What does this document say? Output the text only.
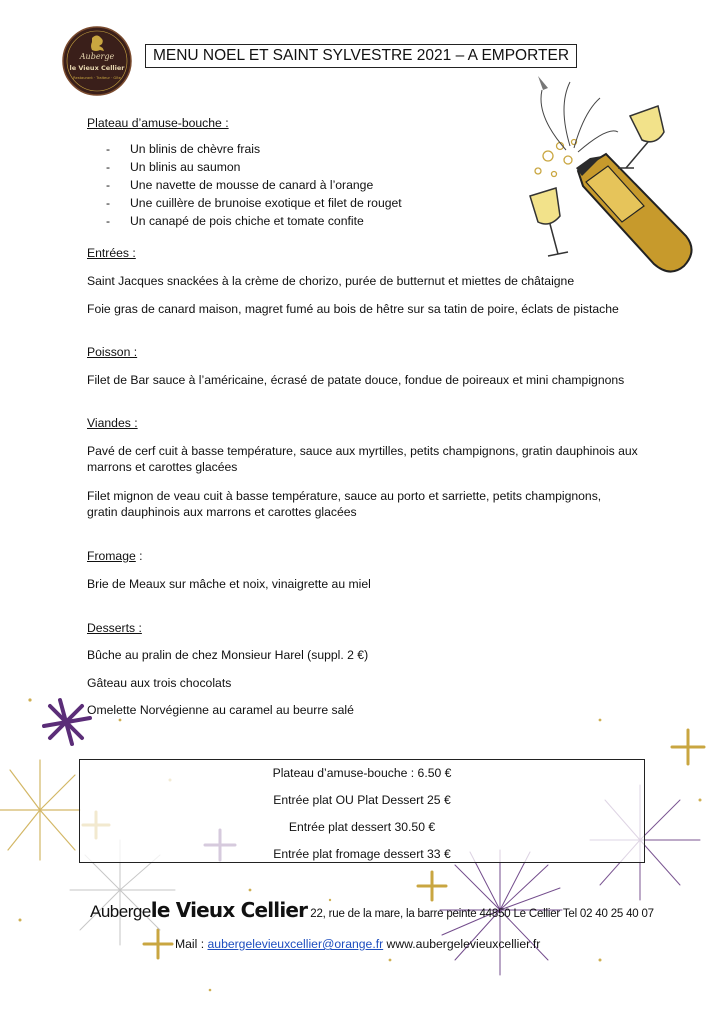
Auberge
le Vieux Cellier
Restaurant · Traiteur · Gîte
MENU NOEL ET SAINT SYLVESTRE 2021 – A EMPORTER
Plateau d’amuse-bouche :
- Un blinis de chèvre frais
- Un blinis au saumon
- Une navette de mousse de canard à l’orange
- Une cuillère de brunoise exotique et filet de rouget
- Un canapé de pois chiche et tomate confite
Entrées :
Saint Jacques snackées à la crème de chorizo, purée de butternut et miettes de châtaigne
Foie gras de canard maison, magret fumé au bois de hêtre sur sa tatin de poire, éclats de pistache
Poisson :
Filet de Bar sauce à l’américaine, écrasé de patate douce, fondue de poireaux et mini champignons
Viandes :
Pavé de cerf cuit à basse température, sauce aux myrtilles, petits champignons, gratin dauphinois aux marrons et carottes glacées
Filet mignon de veau cuit à basse température, sauce au porto et sarriette, petits champignons, gratin dauphinois aux marrons et carottes glacées
Fromage :
Brie de Meaux sur mâche et noix, vinaigrette au miel
Desserts :
Bûche au pralin de chez Monsieur Harel (suppl. 2 €)
Gâteau aux trois chocolats
Omelette Norvégienne au caramel au beurre salé
Plateau d’amuse-bouche : 6.50 €
Entrée plat OU Plat Dessert 25 €
Entrée plat dessert 30.50 €
Entrée plat fromage dessert 33 €
Aubergele Vieux Cellier 22, rue de la mare, la barre peinte 44850 Le Cellier Tel 02 40 25 40 07
Mail : aubergelevieuxcellier@orange.fr www.aubergelevieuxcellier.fr
